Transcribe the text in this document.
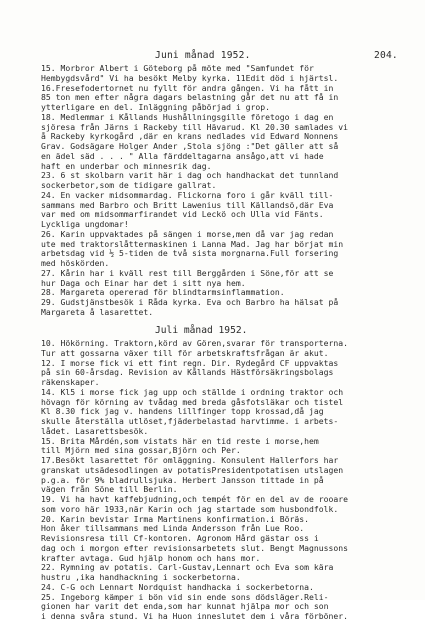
Juni månad 1952.	204.
15. Morbror Albert i Göteborg på möte med "Samfundet för
Hembygdsvård" Vi ha besökt Melby kyrka. 11Edit död i hjärtsl.
16.Fresefodertornet nu fyllt för andra gången. Vi ha fått in
85 ton men efter några dagars belastning går det nu att få in
ytterligare en del. Inläggning påbörjad i grop.
18. Medlemmar i Kållands Hushållningsgille företogo i dag en
sjöresa från Järns i Rackeby till Hävarud. Kl 20.30 samlades vi
å Rackeby kyrkogård ,där en krans nedlades vid Edward Nonnens
Grav. Godsägare Holger Ander ,Stola sjöng :"Det gäller att så
en ädel säd . . . " Alla färddeltagarna ansågo,att vi hade
haft en underbar och minnesrik dag.
23. 6 st skolbarn varit här i dag och handhackat det tunnland
sockerbetor,som de tidigare gallrat.
24. En vacker midsommardag. Flickorna foro i går kväll till-
sammans med Barbro och Britt Lawenius till Källandsö,där Eva
var med om midsommarfirandet vid Leckö och Ulla vid Fänts.
Lyckliga ungdomar!
26. Karin uppvaktades på sängen i morse,men då var jag redan
ute med traktorslåttermaskinen i Lanna Mad. Jag har börjat min
arbetsdag vid ½ 5-tiden de två sista morgnarna.Full forsering
med höskörden.
27. Kårin har i kväll rest till Berggården i Söne,för att se
hur Daga och Einar har det i sitt nya hem.
28. Margareta opererad för blindtarmsinflammation.
29. Gudstjänstbesök i Råda kyrka. Eva och Barbro ha hälsat på
Margareta å lasarettet.
Juli månad 1952.
10. Hökörning. Traktorn,körd av Gören,svarar för transporterna.
Tur att gossarna växer till för arbetskraftsfrågan är akut.
12. I morse fick vi ett fint regn. Dir. Rydegård CF uppvaktas
på sin 60-årsdag. Revision av Kållands Hästförsäkringsbolags
räkenskaper.
14. Kl5 i morse fick jag upp och ställde i ordning traktor och
hövagn för körning av tvådag med breda gåsfotsläkar och tistel
Kl 8.30 fick jag v. handens lillfinger topp krossad,då jag
skulle återställa utlöset,fjäderbelastad harvtimme. i arbets-
lådet. Lasarettsbesök.
15. Brita Mårdén,som vistats här en tid reste i morse,hem
till Mjörn med sina gossar,Björn och Per.
17.Besökt lasarettet för omläggning. Konsulent Hallerfors har
granskat utsädesodlingen av potatisPresidentpotatisen utslagen
p.g.a. för 9% bladrullsjuka. Herbert Jansson tittade in på
vägen från Söne till Berlin.
19. Vi ha havt kaffebjudning,och tempét för en del av de rooare
som voro här 1933,när Karin och jag startade som husbondfolk.
20. Karin bevistar Irma Martinens konfirmation.i Böräs.
Hon åker tillsammans med Linda Andersson från Lue Roo.
Revisionsresa till Cf-kontoren. Agronom Hård gästar oss i
dag och i morgon efter revisionsarbetets slut. Bengt Magnussons
krafter avtaga. Gud hjälp honom och hans mor.
22. Rymning av potatis. Carl-Gustav,Lennart och Eva som kära
hustru ,ika handhackning i sockerbetorna.
24. C-G och Lennart Nordquist handhacka i sockerbetorna.
25. Ingeborg kämper i bön vid sin ende sons dödsläger.Reli-
gionen har varit det enda,som har kunnat hjälpa mor och son
i denna svåra stund. Vi ha Huon inneslutet dem i våra förböner.
